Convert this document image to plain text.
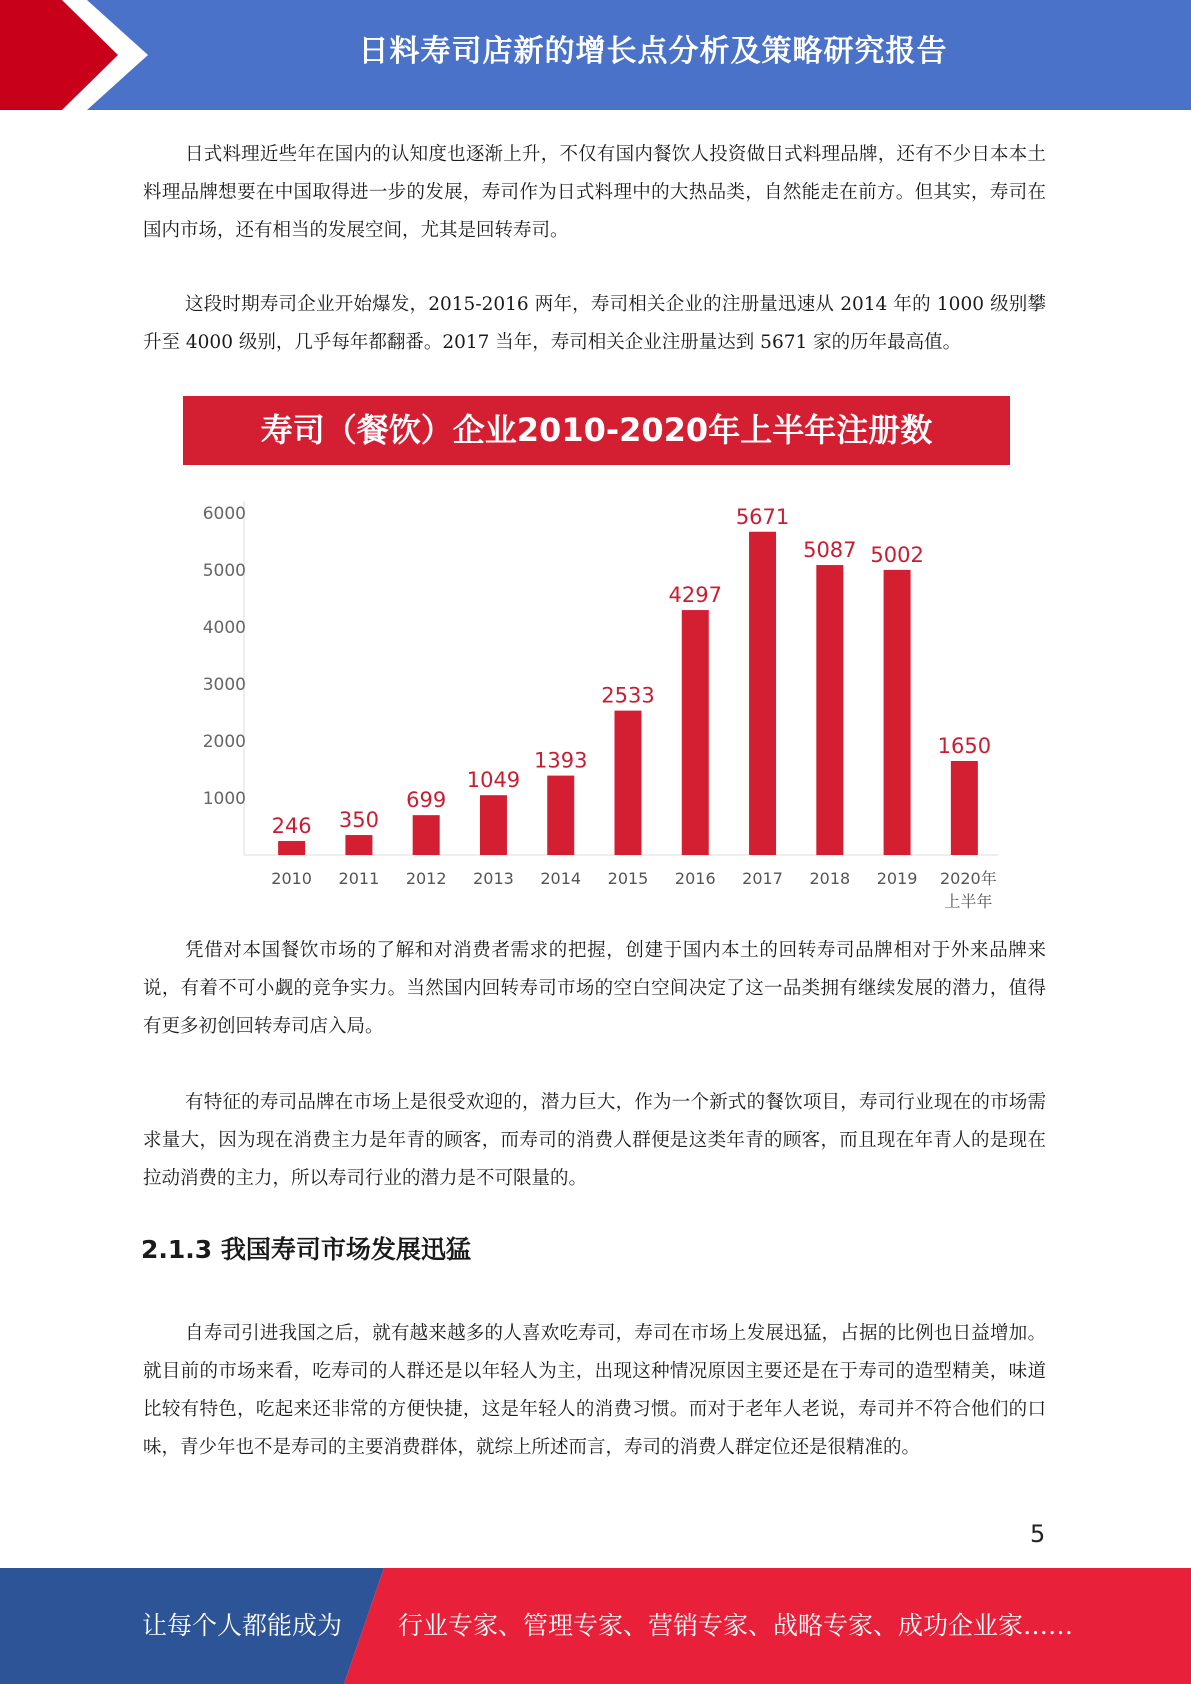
日料寿司店新的增长点分析及策略研究报告

日式料理近些年在国内的认知度也逐渐上升，不仅有国内餐饮人投资做日式料理品牌，还有不少日本本土料理品牌想要在中国取得进一步的发展，寿司作为日式料理中的大热品类，自然能走在前方。但其实，寿司在国内市场，还有相当的发展空间，尤其是回转寿司。

这段时期寿司企业开始爆发，2015-2016 两年，寿司相关企业的注册量迅速从 2014 年的 1000 级别攀升至 4000 级别，几乎每年都翻番。2017 当年，寿司相关企业注册量达到 5671 家的历年最高值。

寿司（餐饮）企业2010-2020年上半年注册数
1000
2000
3000
4000
5000
6000
246
2010
350
2011
699
2012
1049
2013
1393
2014
2533
2015
4297
2016
5671
2017
5087
2018
5002
2019
1650
2020年
上半年

凭借对本国餐饮市场的了解和对消费者需求的把握，创建于国内本土的回转寿司品牌相对于外来品牌来说，有着不可小觑的竞争实力。当然国内回转寿司市场的空白空间决定了这一品类拥有继续发展的潜力，值得有更多初创回转寿司店入局。

有特征的寿司品牌在市场上是很受欢迎的，潜力巨大，作为一个新式的餐饮项目，寿司行业现在的市场需求量大，因为现在消费主力是年青的顾客，而寿司的消费人群便是这类年青的顾客，而且现在年青人的是现在拉动消费的主力，所以寿司行业的潜力是不可限量的。

2.1.3 我国寿司市场发展迅猛

自寿司引进我国之后，就有越来越多的人喜欢吃寿司，寿司在市场上发展迅猛，占据的比例也日益增加。就目前的市场来看，吃寿司的人群还是以年轻人为主，出现这种情况原因主要还是在于寿司的造型精美，味道比较有特色，吃起来还非常的方便快捷，这是年轻人的消费习惯。而对于老年人老说，寿司并不符合他们的口味，青少年也不是寿司的主要消费群体，就综上所述而言，寿司的消费人群定位还是很精准的。

5
让每个人都能成为 行业专家、管理专家、营销专家、战略专家、成功企业家……
